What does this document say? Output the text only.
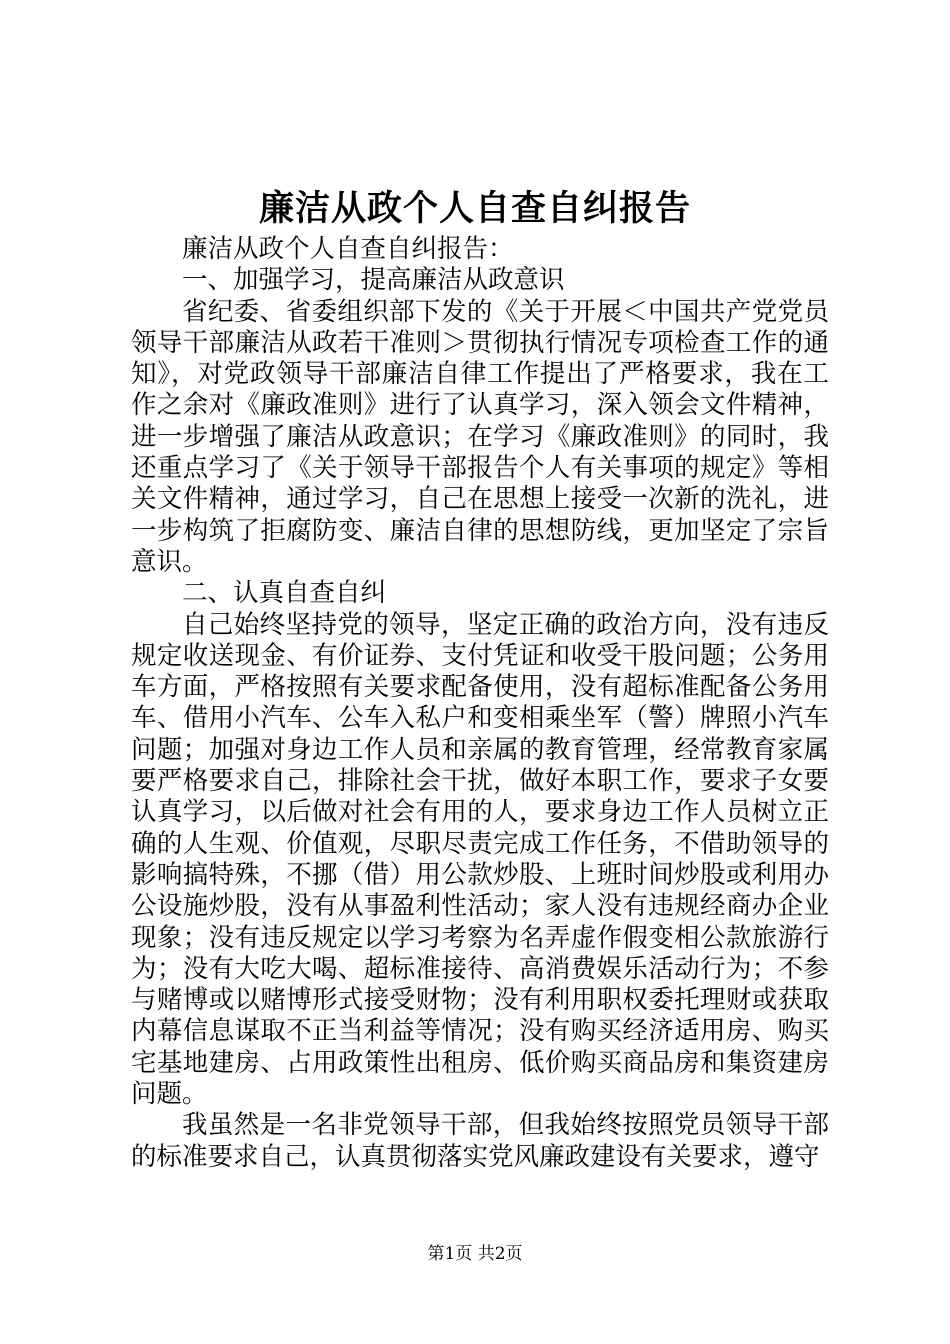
廉洁从政个人自查自纠报告

廉洁从政个人自查自纠报告：

一、加强学习，提高廉洁从政意识

省纪委、省委组织部下发的《关于开展＜中国共产党党员领导干部廉洁从政若干准则＞贯彻执行情况专项检查工作的通知》，对党政领导干部廉洁自律工作提出了严格要求，我在工作之余对《廉政准则》进行了认真学习，深入领会文件精神，进一步增强了廉洁从政意识；在学习《廉政准则》的同时，我还重点学习了《关于领导干部报告个人有关事项的规定》等相关文件精神，通过学习，自己在思想上接受一次新的洗礼，进一步构筑了拒腐防变、廉洁自律的思想防线，更加坚定了宗旨意识。

二、认真自查自纠

自己始终坚持党的领导，坚定正确的政治方向，没有违反规定收送现金、有价证券、支付凭证和收受干股问题；公务用车方面，严格按照有关要求配备使用，没有超标准配备公务用车、借用小汽车、公车入私户和变相乘坐军（警）牌照小汽车问题；加强对身边工作人员和亲属的教育管理，经常教育家属要严格要求自己，排除社会干扰，做好本职工作，要求子女要认真学习，以后做对社会有用的人，要求身边工作人员树立正确的人生观、价值观，尽职尽责完成工作任务，不借助领导的影响搞特殊，不挪（借）用公款炒股、上班时间炒股或利用办公设施炒股，没有从事盈利性活动；家人没有违规经商办企业现象；没有违反规定以学习考察为名弄虚作假变相公款旅游行为；没有大吃大喝、超标准接待、高消费娱乐活动行为；不参与赌博或以赌博形式接受财物；没有利用职权委托理财或获取内幕信息谋取不正当利益等情况；没有购买经济适用房、购买宅基地建房、占用政策性出租房、低价购买商品房和集资建房问题。

我虽然是一名非党领导干部，但我始终按照党员领导干部的标准要求自己，认真贯彻落实党风廉政建设有关要求，遵守

第1页 共2页
